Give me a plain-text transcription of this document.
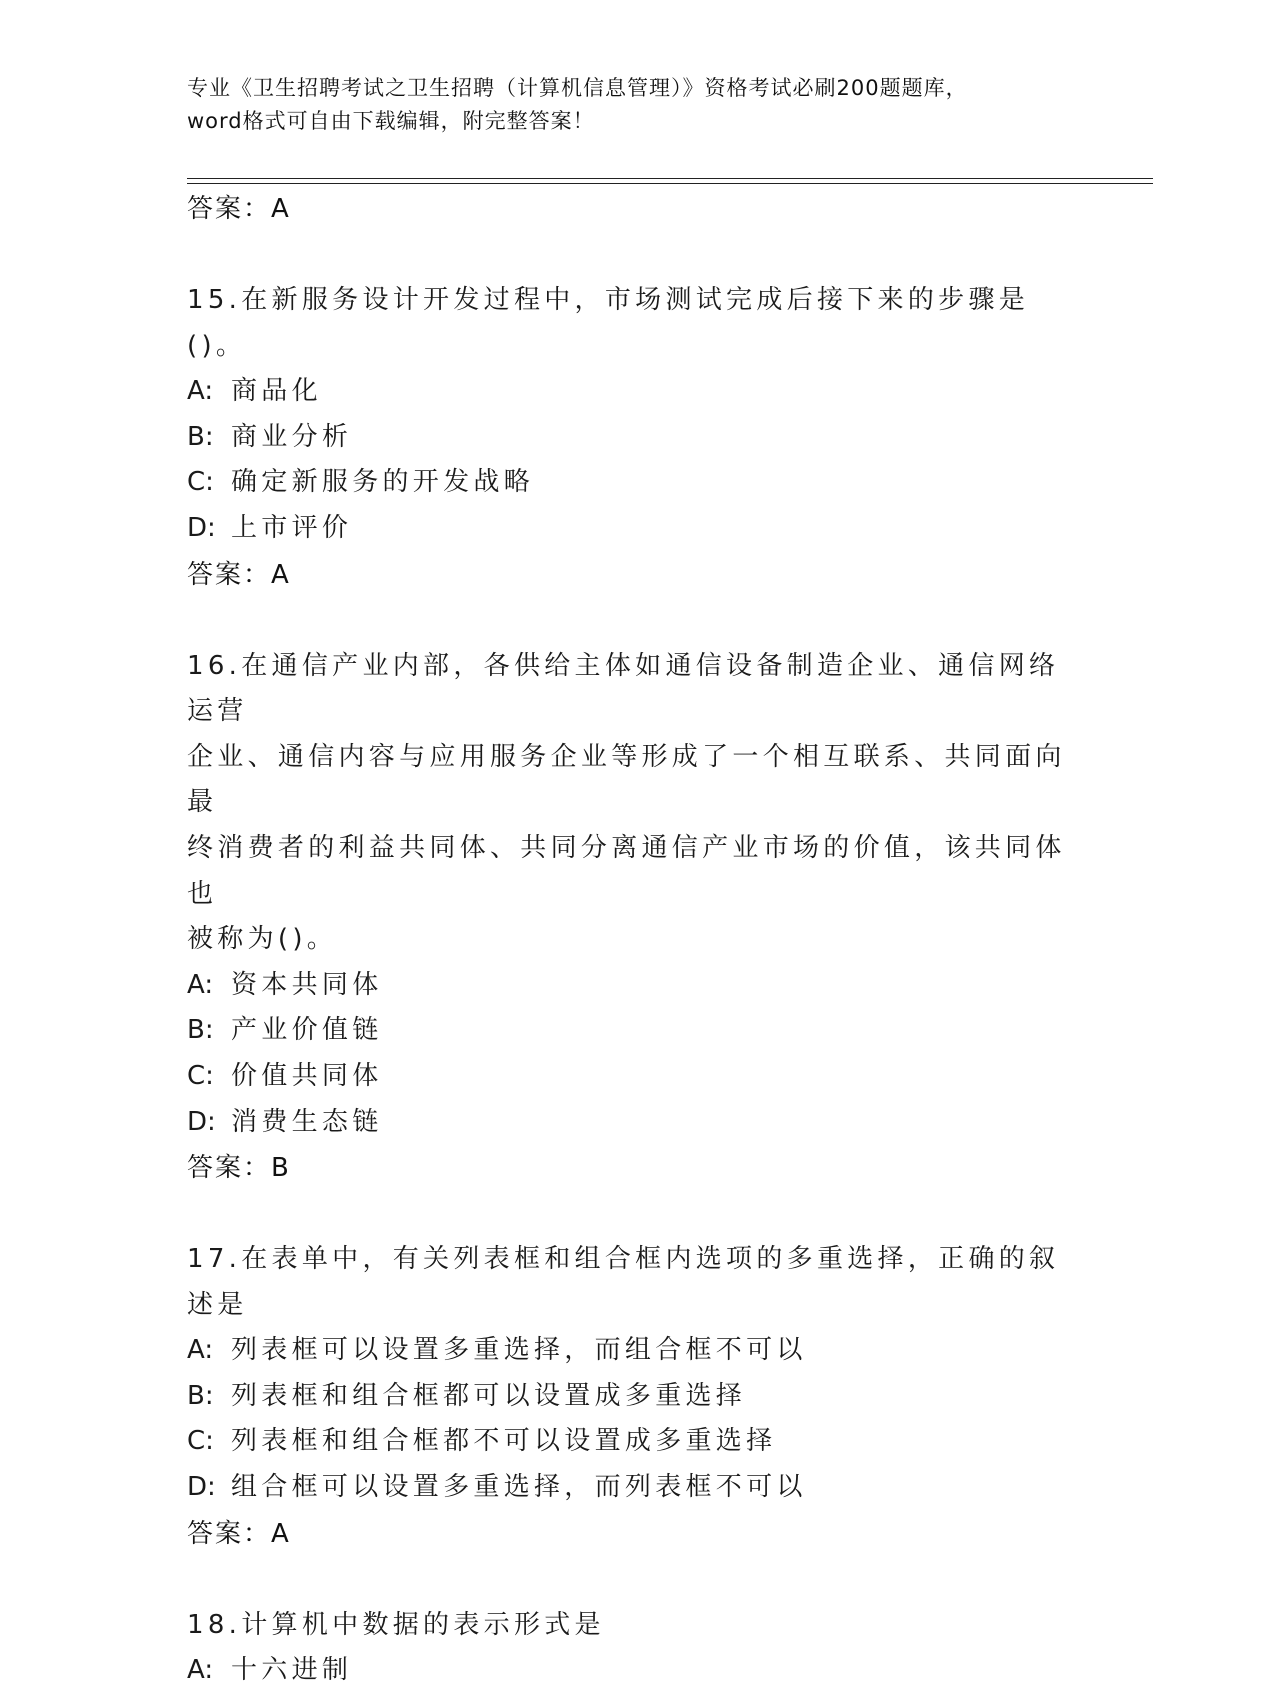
专业《卫生招聘考试之卫生招聘（计算机信息管理）》资格考试必刷200题题库，
word格式可自由下载编辑，附完整答案！
答案：A
15.在新服务设计开发过程中，市场测试完成后接下来的步骤是()。
A: 商品化
B: 商业分析
C: 确定新服务的开发战略
D: 上市评价
答案：A
16.在通信产业内部，各供给主体如通信设备制造企业、通信网络运营
企业、通信内容与应用服务企业等形成了一个相互联系、共同面向最
终消费者的利益共同体、共同分离通信产业市场的价值，该共同体也
被称为()。
A: 资本共同体
B: 产业价值链
C: 价值共同体
D: 消费生态链
答案：B
17.在表单中，有关列表框和组合框内选项的多重选择，正确的叙述是
A: 列表框可以设置多重选择，而组合框不可以
B: 列表框和组合框都可以设置成多重选择
C: 列表框和组合框都不可以设置成多重选择
D: 组合框可以设置多重选择，而列表框不可以
答案：A
18.计算机中数据的表示形式是
A: 十六进制
